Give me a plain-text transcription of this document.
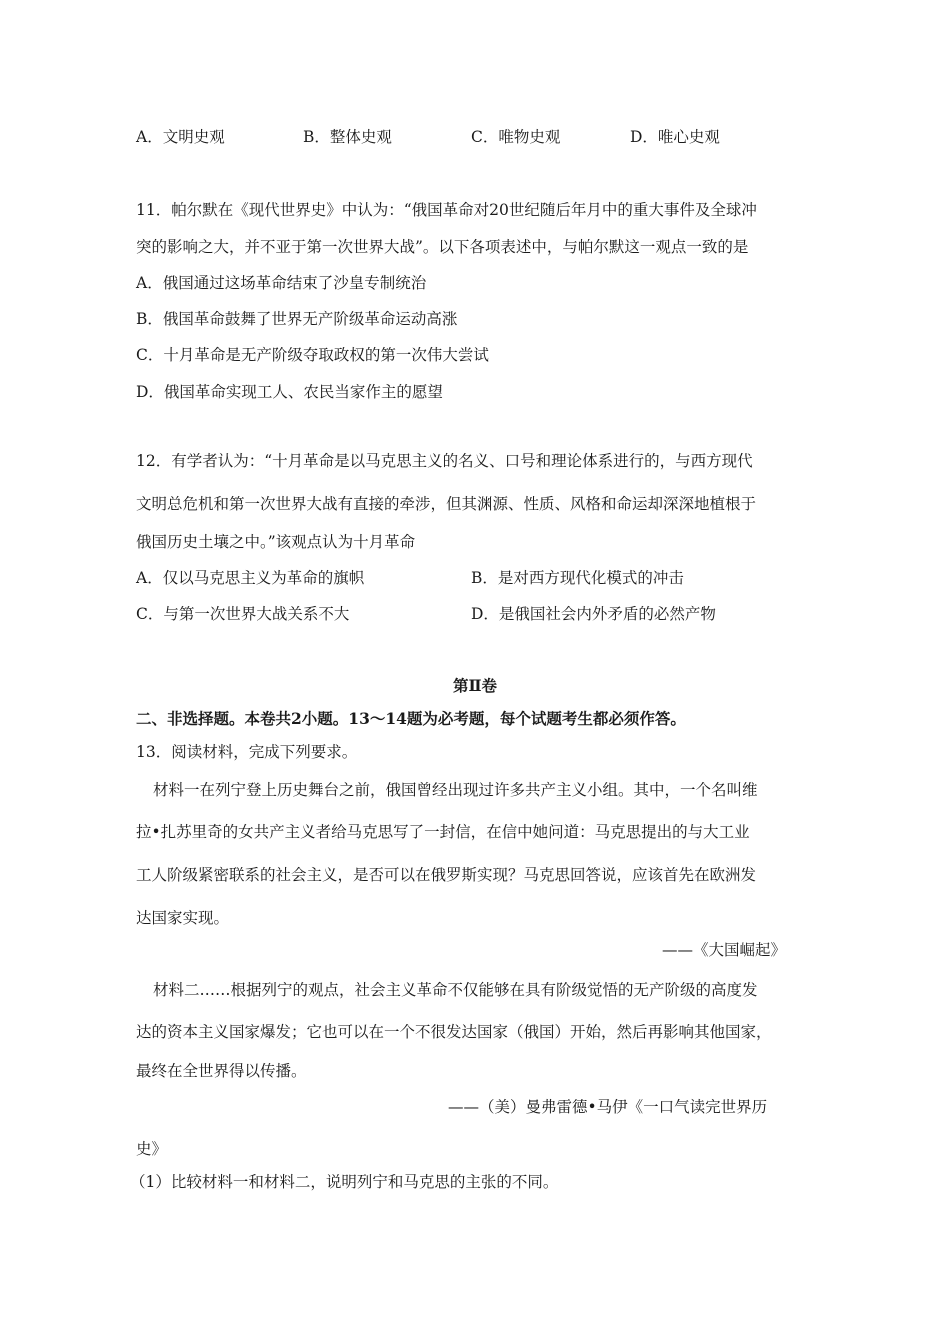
A．文明史观	B．整体史观	C．唯物史观	D．唯心史观
11．帕尔默在《现代世界史》中认为：“俄国革命对20世纪随后年月中的重大事件及全球冲
突的影响之大，并不亚于第一次世界大战”。以下各项表述中，与帕尔默这一观点一致的是
A．俄国通过这场革命结束了沙皇专制统治
B．俄国革命鼓舞了世界无产阶级革命运动高涨
C．十月革命是无产阶级夺取政权的第一次伟大尝试
D．俄国革命实现工人、农民当家作主的愿望
12．有学者认为：“十月革命是以马克思主义的名义、口号和理论体系进行的，与西方现代
文明总危机和第一次世界大战有直接的牵涉，但其渊源、性质、风格和命运却深深地植根于
俄国历史土壤之中。”该观点认为十月革命
A．仅以马克思主义为革命的旗帜	B．是对西方现代化模式的冲击
C．与第一次世界大战关系不大	D．是俄国社会内外矛盾的必然产物
第Ⅱ卷
二、非选择题。本卷共2小题。13～14题为必考题，每个试题考生都必须作答。
13．阅读材料，完成下列要求。
材料一在列宁登上历史舞台之前，俄国曾经出现过许多共产主义小组。其中，一个名叫维
拉•扎苏里奇的女共产主义者给马克思写了一封信，在信中她问道：马克思提出的与大工业
工人阶级紧密联系的社会主义，是否可以在俄罗斯实现？马克思回答说，应该首先在欧洲发
达国家实现。
——《大国崛起》
材料二……根据列宁的观点，社会主义革命不仅能够在具有阶级觉悟的无产阶级的高度发
达的资本主义国家爆发；它也可以在一个不很发达国家（俄国）开始，然后再影响其他国家，
最终在全世界得以传播。
——（美）曼弗雷德•马伊《一口气读完世界历
史》
（1）比较材料一和材料二，说明列宁和马克思的主张的不同。
